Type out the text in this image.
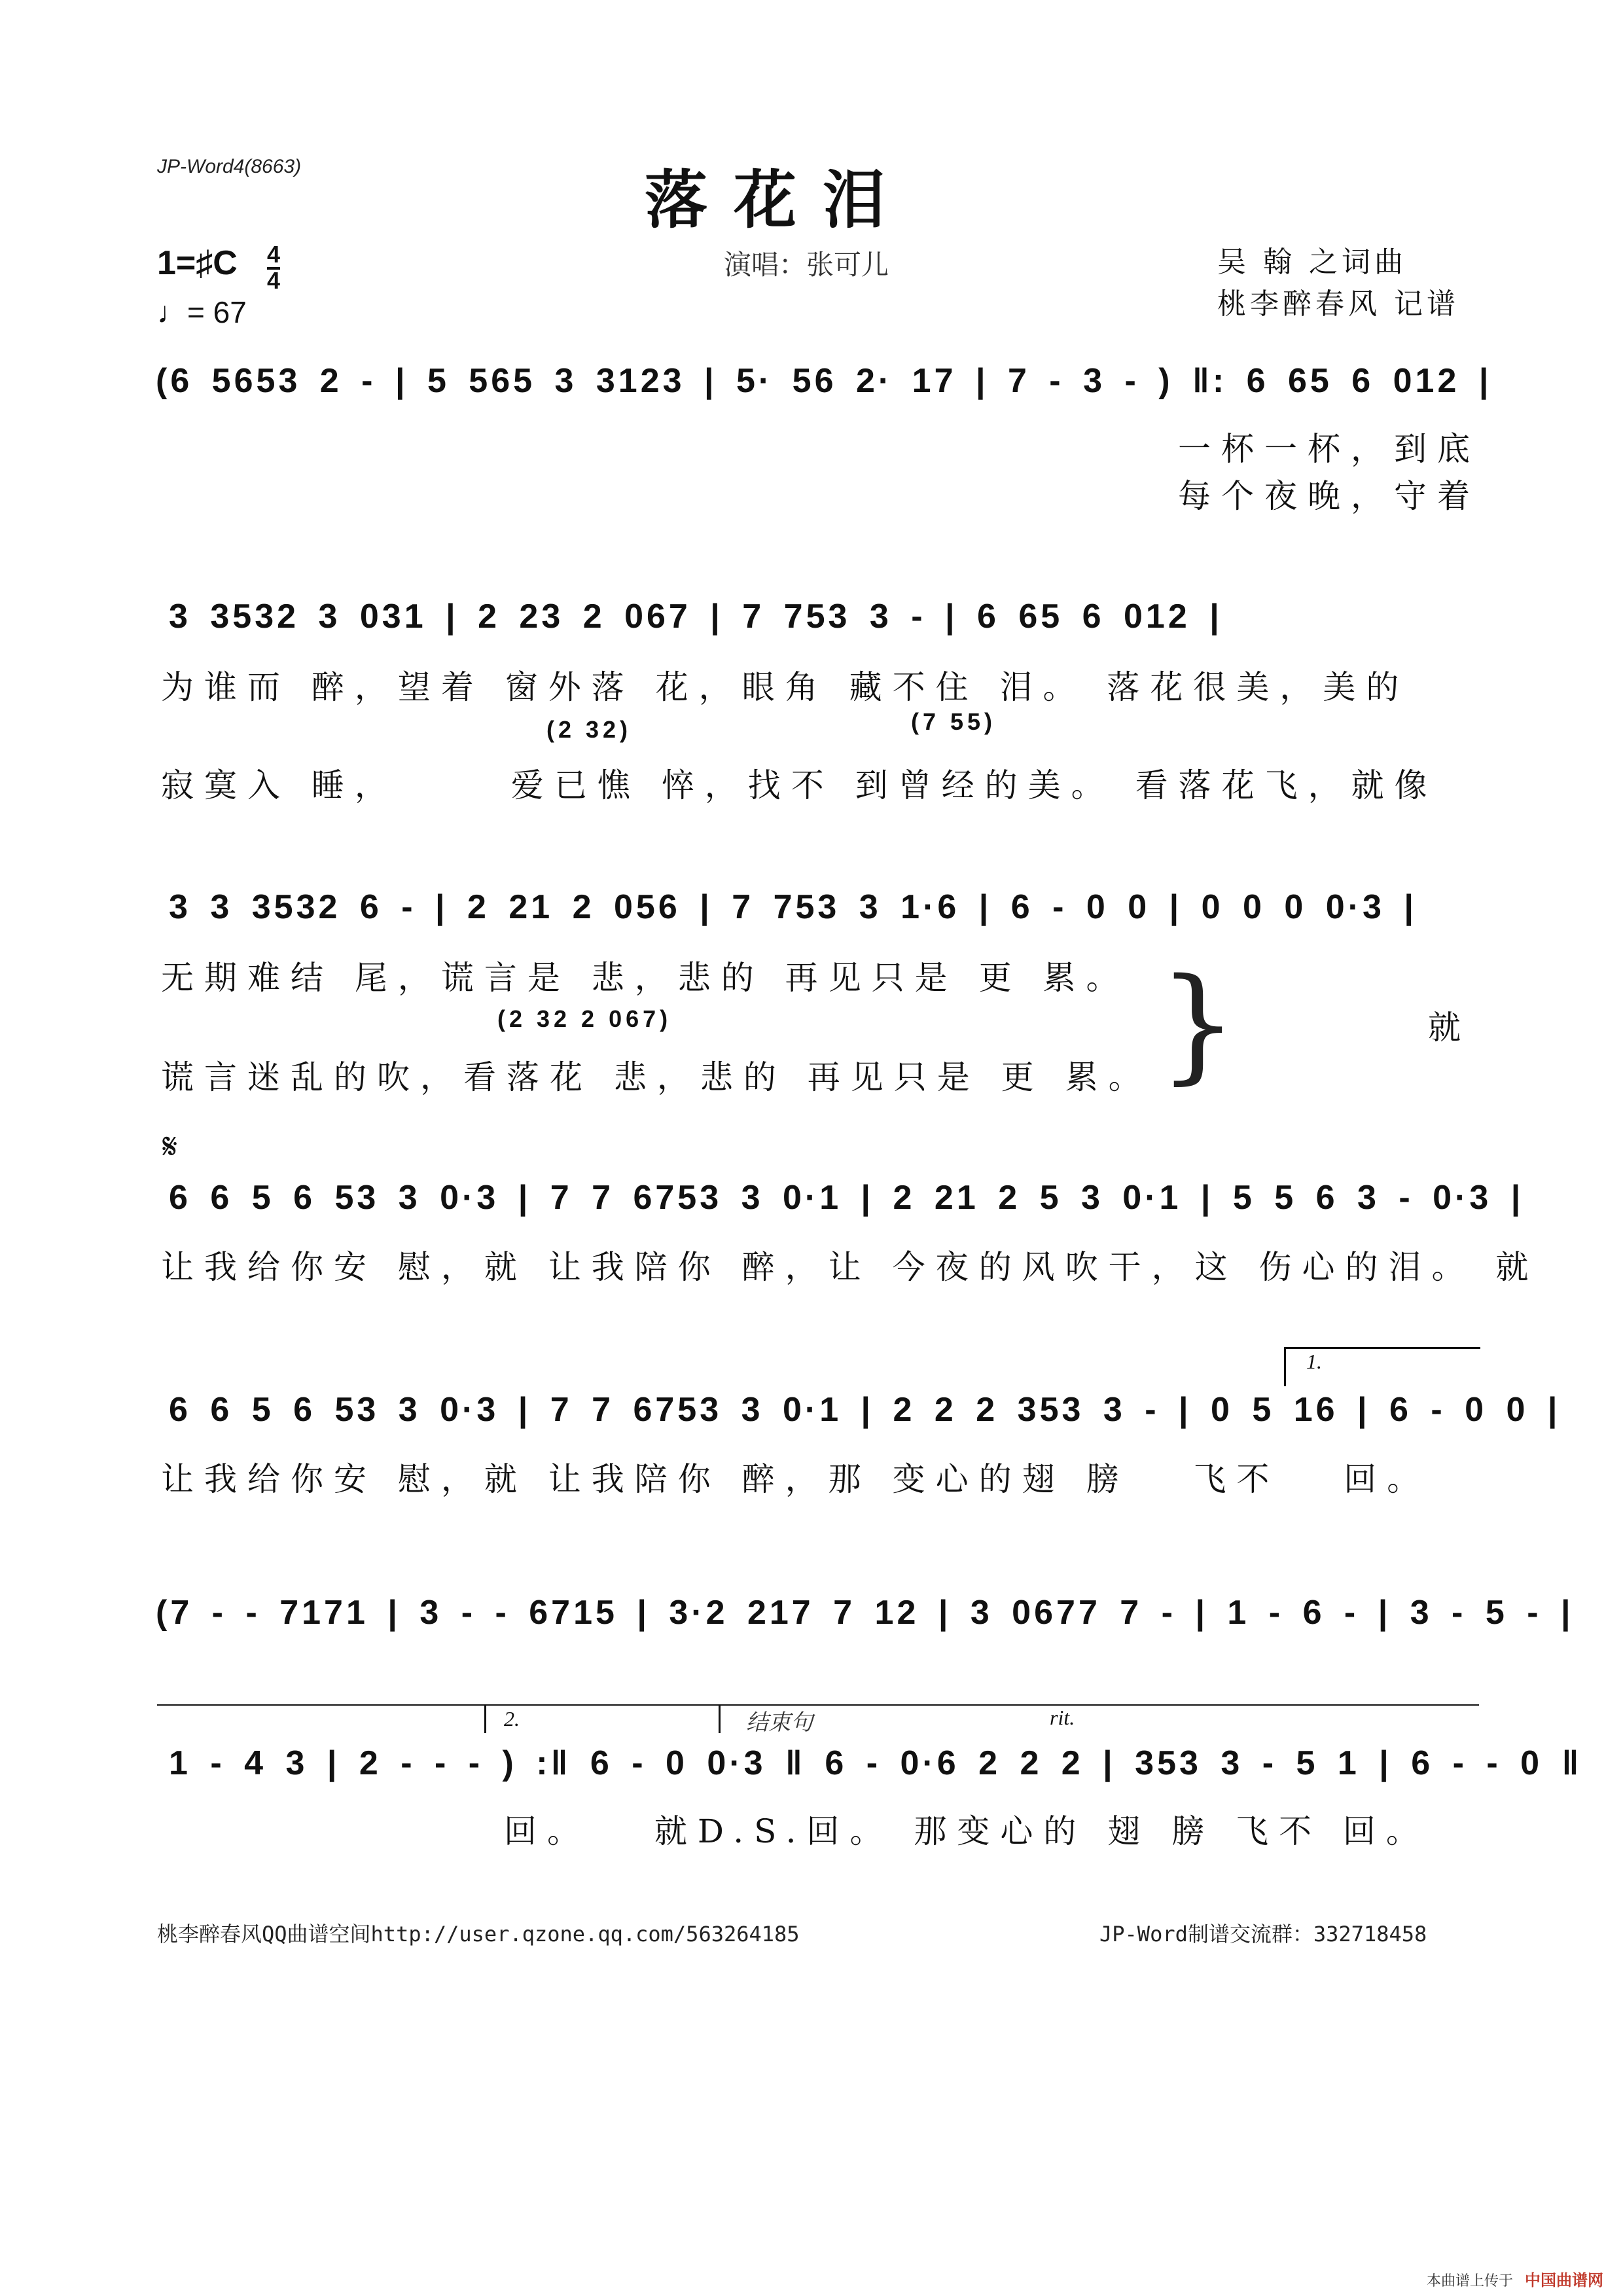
JP-Word4(8663)	落花泪
1=♯C 4
4
♩= 67
演唱：张可儿	吴 翰 之词曲
桃李醉春风 记谱
(6 5653 2 - | 5 565 3 3123 | 5· 56 2· 17 | 7 - 3 - ) ‖: 6 65 6 012 |
一杯一杯，到底
每个夜晚，守着
3 3532 3 031 | 2 23 2 067 | 7 753 3 - | 6 65 6 012 |
为谁而 醉，望着 窗外落 花，眼角 藏不住 泪。 落花很美，美的
(2 32)	(7 55)
寂寞入 睡，　　　爱已憔 悴，找不 到曾经的美。 看落花飞，就像
3 3 3532 6 - | 2 21 2 056 | 7 753 3 1·6 | 6 - 0 0 | 0 0 0 0·3 |
无期难结 尾，谎言是 悲，悲的 再见只是 更 累。
(2 32 2 067)
谎言迷乱的吹，看落花 悲，悲的 再见只是 更 累。 }	就
𝄋
6 6 5 6 53 3 0·3 | 7 7 6753 3 0·1 | 2 21 2 5 3 0·1 | 5 5 6 3 - 0·3 |
让我给你安 慰，就 让我陪你 醉，让 今夜的风吹干，这 伤心的泪。 就
1.
6 6 5 6 53 3 0·3 | 7 7 6753 3 0·1 | 2 2 2 353 3 - | 0 5 16 | 6 - 0 0 |
让我给你安 慰，就 让我陪你 醉，那 变心的翅 膀 　飞不 　回。
(7 - - 7171 | 3 - - 6715 | 3·2 217 7 12 | 3 0677 7 - | 1 - 6 - | 3 - 5 - |
2.	结束句	rit.
1 - 4 3 | 2 - - - ) :‖ 6 - 0 0·3 ‖ 6 - 0·6 2 2 2 | 353 3 - 5 1 | 6 - - 0 ‖
回。 　就D.S.回。 那变心的 翅 膀 飞不 回。
桃李醉春风QQ曲谱空间http://user.qzone.qq.com/563264185	JP-Word制谱交流群：332718458
本曲谱上传于 中国曲谱网
